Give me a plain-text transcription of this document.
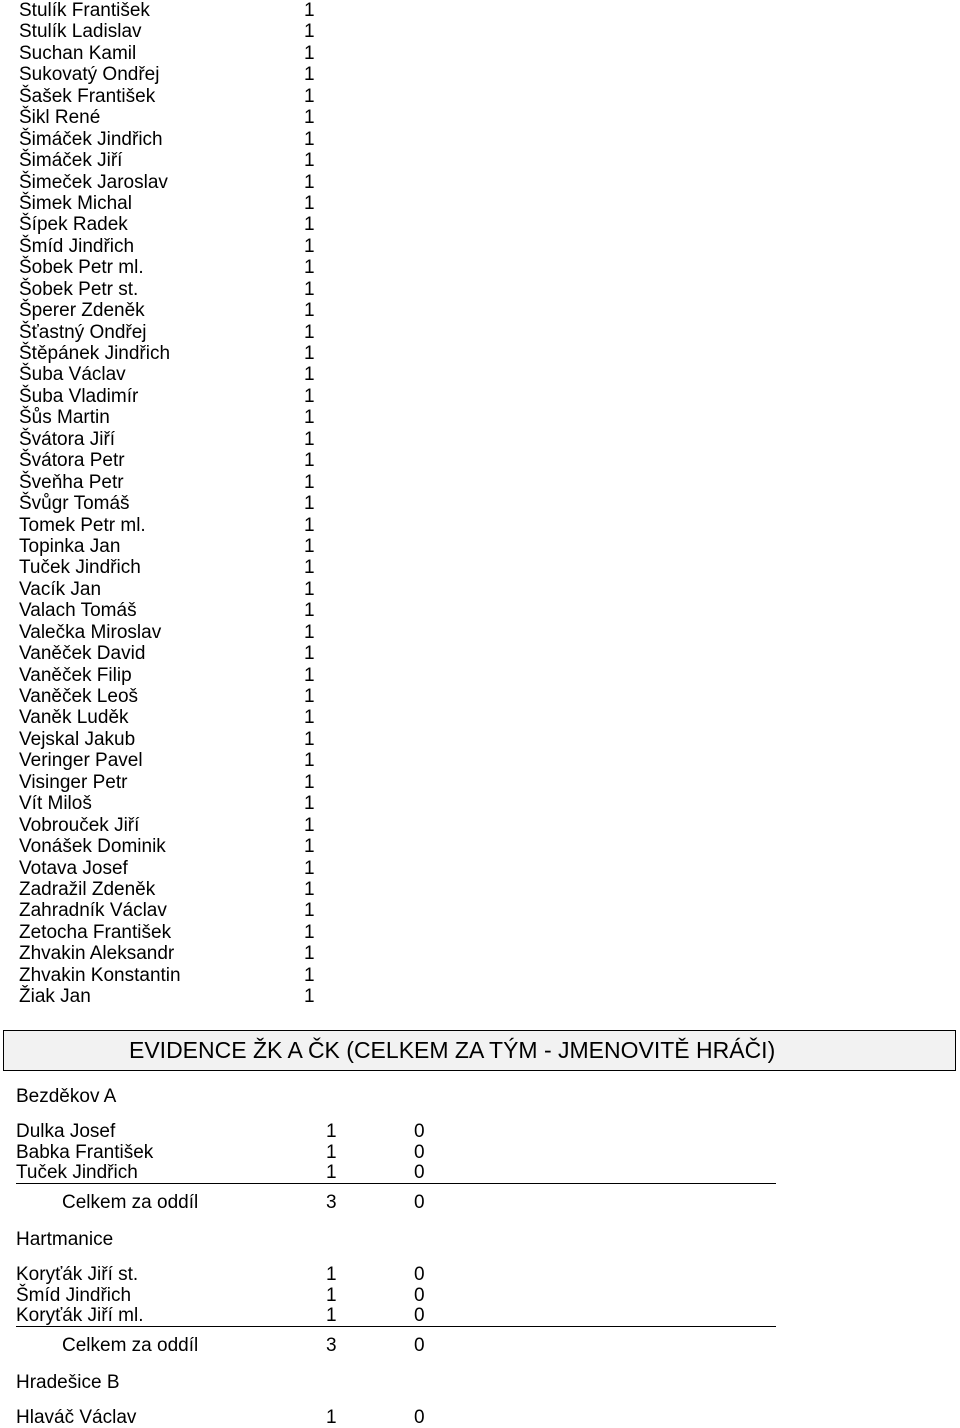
Stulík František	1
Stulík Ladislav	1
Suchan Kamil	1
Sukovatý Ondřej	1
Šašek František	1
Šikl René	1
Šimáček Jindřich	1
Šimáček Jiří	1
Šimeček Jaroslav	1
Šimek Michal	1
Šípek Radek	1
Šmíd Jindřich	1
Šobek Petr ml.	1
Šobek Petr st.	1
Šperer Zdeněk	1
Šťastný Ondřej	1
Štěpánek Jindřich	1
Šuba Václav	1
Šuba Vladimír	1
Šůs Martin	1
Švátora Jiří	1
Švátora Petr	1
Šveňha Petr	1
Švůgr Tomáš	1
Tomek Petr ml.	1
Topinka Jan	1
Tuček Jindřich	1
Vacík Jan	1
Valach Tomáš	1
Valečka Miroslav	1
Vaněček David	1
Vaněček Filip	1
Vaněček Leoš	1
Vaněk Luděk	1
Vejskal Jakub	1
Veringer Pavel	1
Visinger Petr	1
Vít Miloš	1
Vobrouček Jiří	1
Vonášek Dominik	1
Votava Josef	1
Zadražil Zdeněk	1
Zahradník Václav	1
Zetocha František	1
Zhvakin Aleksandr	1
Zhvakin Konstantin	1
Žiak Jan	1
EVIDENCE ŽK A ČK (CELKEM ZA TÝM - JMENOVITĚ HRÁČI)
Bezděkov A
Dulka Josef	1	0
Babka František	1	0
Tuček Jindřich	1	0
Celkem za oddíl	3	0
Hartmanice
Koryťák Jiří st.	1	0
Šmíd Jindřich	1	0
Koryťák Jiří ml.	1	0
Celkem za oddíl	3	0
Hradešice B
Hlaváč Václav	1	0
